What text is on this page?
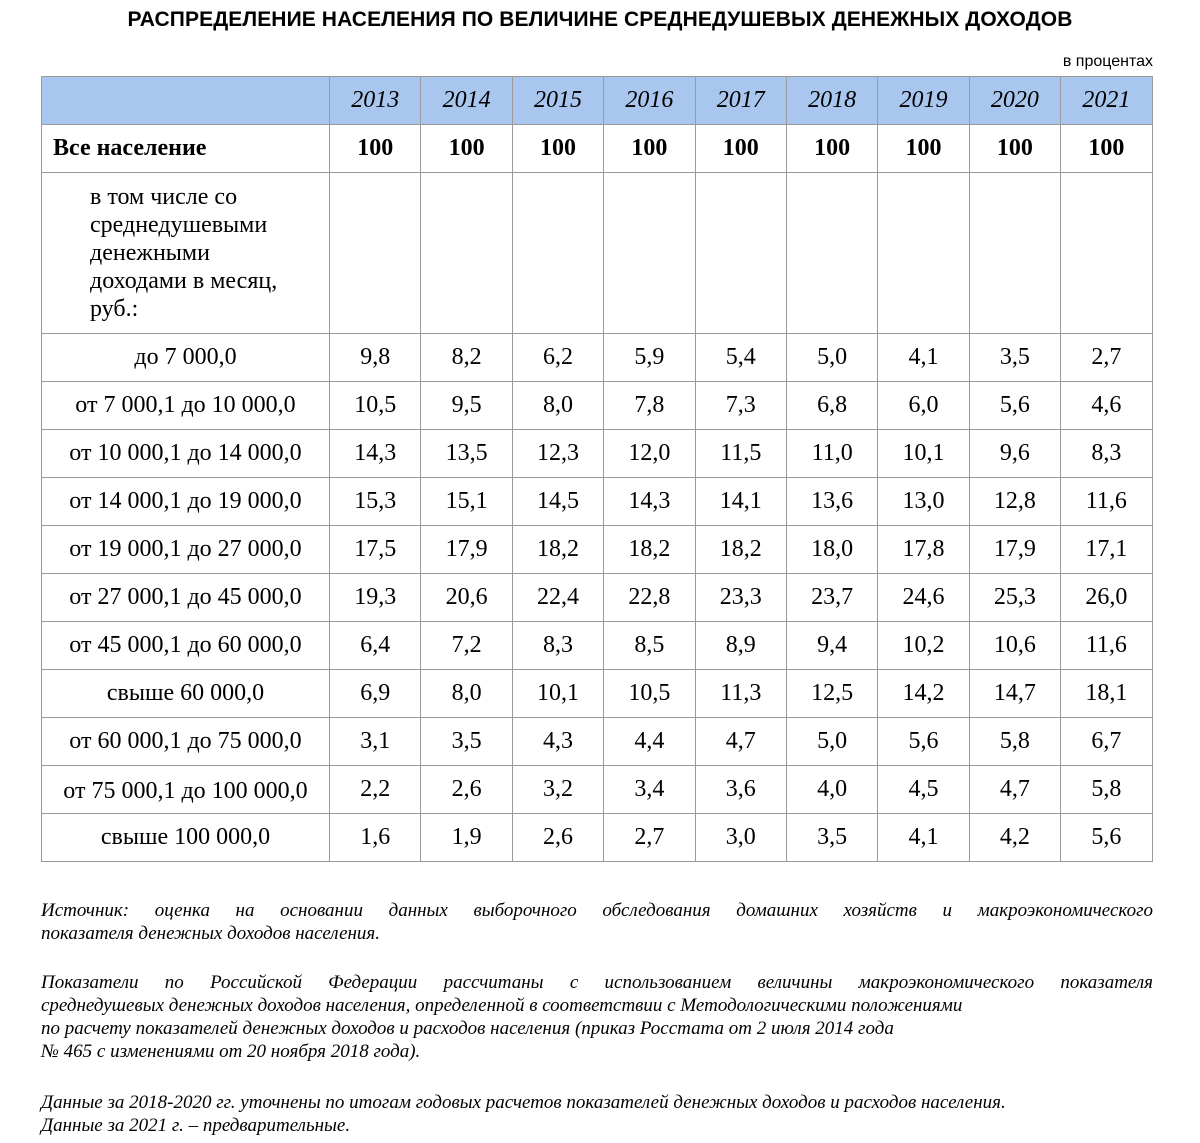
РАСПРЕДЕЛЕНИЕ НАСЕЛЕНИЯ ПО ВЕЛИЧИНЕ СРЕДНЕДУШЕВЫХ ДЕНЕЖНЫХ ДОХОДОВ
в процентах
	2013	2014	2015	2016	2017	2018	2019	2020	2021
Все население	100	100	100	100	100	100	100	100	100
в том числе со среднедушевыми денежными доходами в месяц, руб.:									
до 7 000,0	9,8	8,2	6,2	5,9	5,4	5,0	4,1	3,5	2,7
от 7 000,1 до 10 000,0	10,5	9,5	8,0	7,8	7,3	6,8	6,0	5,6	4,6
от 10 000,1 до 14 000,0	14,3	13,5	12,3	12,0	11,5	11,0	10,1	9,6	8,3
от 14 000,1 до 19 000,0	15,3	15,1	14,5	14,3	14,1	13,6	13,0	12,8	11,6
от 19 000,1 до 27 000,0	17,5	17,9	18,2	18,2	18,2	18,0	17,8	17,9	17,1
от 27 000,1 до 45 000,0	19,3	20,6	22,4	22,8	23,3	23,7	24,6	25,3	26,0
от 45 000,1 до 60 000,0	6,4	7,2	8,3	8,5	8,9	9,4	10,2	10,6	11,6
свыше 60 000,0	6,9	8,0	10,1	10,5	11,3	12,5	14,2	14,7	18,1
от 60 000,1 до 75 000,0	3,1	3,5	4,3	4,4	4,7	5,0	5,6	5,8	6,7

от 75 000,1 до 100 000,0	2,2	2,6	3,2	3,4	3,6	4,0	4,5	4,7	5,8
свыше 100 000,0	1,6	1,9	2,6	2,7	3,0	3,5	4,1	4,2	5,6
Источник: оценка на основании данных выборочного обследования домашних хозяйств и макроэкономического
показателя денежных доходов населения.
Показатели по Российской Федерации рассчитаны с использованием величины макроэкономического показателя
среднедушевых денежных доходов населения, определенной в соответствии с Методологическими положениями
по расчету показателей денежных доходов и расходов населения (приказ Росстата от 2 июля 2014 года
№ 465 с изменениями от 20 ноября 2018 года).
Данные за 2018-2020 гг. уточнены по итогам годовых расчетов показателей денежных доходов и расходов населения.
Данные за 2021 г. – предварительные.
